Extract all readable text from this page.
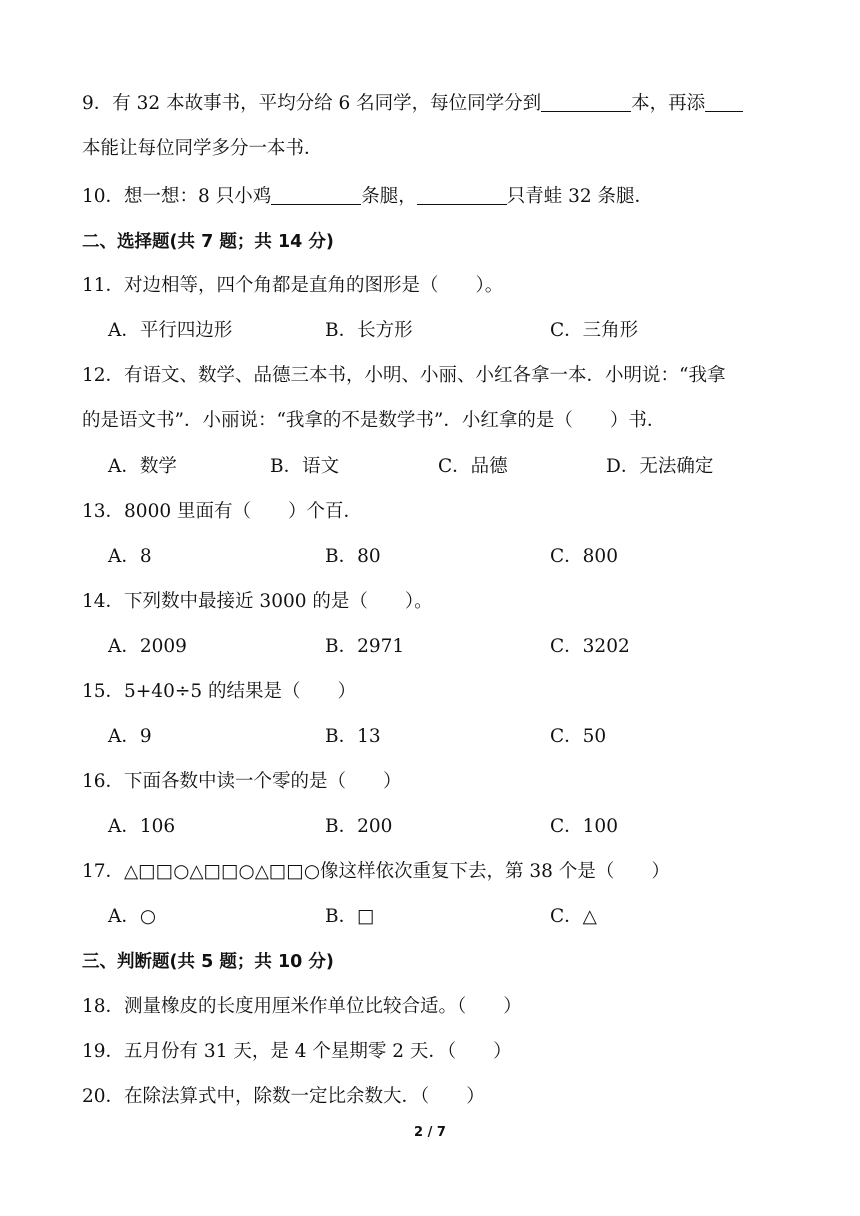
9．有 32 本故事书，平均分给 6 名同学，每位同学分到	本，再添
本能让每位同学多分一本书．
10．想一想：8 只小鸡	条腿，	只青蛙 32 条腿．
二、选择题(共 7 题；共 14 分)
11．对边相等，四个角都是直角的图形是（　　）。
A．平行四边形	B．长方形	C．三角形
12．有语文、数学、品德三本书，小明、小丽、小红各拿一本．小明说：“我拿
的是语文书”．小丽说：“我拿的不是数学书”．小红拿的是（　　）书．
A．数学	B．语文	C．品德	D．无法确定
13．8000 里面有（　　）个百．
A．8	B．80	C．800
14．下列数中最接近 3000 的是（　　）。
A．2009	B．2971	C．3202
15．5+40÷5 的结果是（　　）
A．9	B．13	C．50
16．下面各数中读一个零的是（　　）
A．106	B．200	C．100
17．△□□○△□□○△□□○像这样依次重复下去，第 38 个是（　　）
A．○	B．□	C．△
三、判断题(共 5 题；共 10 分)
18．测量橡皮的长度用厘米作单位比较合适。（　　）
19．五月份有 31 天，是 4 个星期零 2 天．（　　）
20．在除法算式中，除数一定比余数大．（　　）
2 / 7
